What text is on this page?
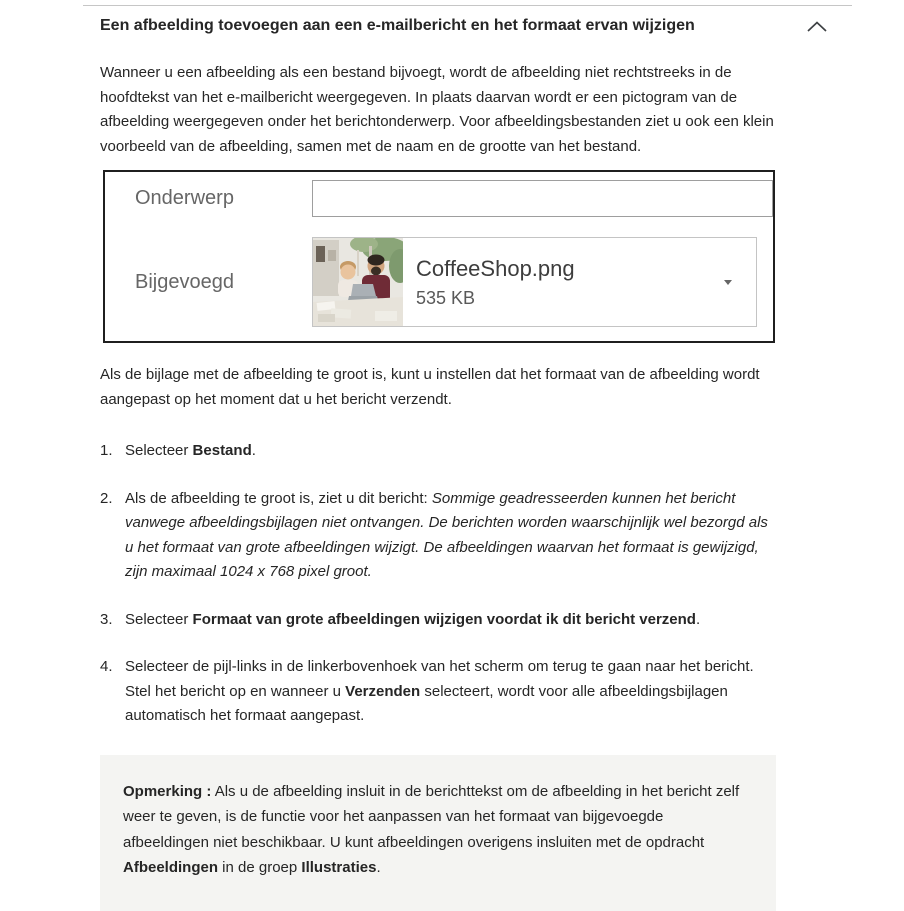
Een afbeelding toevoegen aan een e-mailbericht en het formaat ervan wijzigen

Wanneer u een afbeelding als een bestand bijvoegt, wordt de afbeelding niet rechtstreeks in de hoofdtekst van het e-mailbericht weergegeven. In plaats daarvan wordt er een pictogram van de afbeelding weergegeven onder het berichtonderwerp. Voor afbeeldingsbestanden ziet u ook een klein voorbeeld van de afbeelding, samen met de naam en de grootte van het bestand.

Onderwerp
Bijgevoegd
CoffeeShop.png
535 KB

Als de bijlage met de afbeelding te groot is, kunt u instellen dat het formaat van de afbeelding wordt aangepast op het moment dat u het bericht verzendt.

1. Selecteer Bestand.
2. Als de afbeelding te groot is, ziet u dit bericht: Sommige geadresseerden kunnen het bericht vanwege afbeeldingsbijlagen niet ontvangen. De berichten worden waarschijnlijk wel bezorgd als u het formaat van grote afbeeldingen wijzigt. De afbeeldingen waarvan het formaat is gewijzigd, zijn maximaal 1024 x 768 pixel groot.
3. Selecteer Formaat van grote afbeeldingen wijzigen voordat ik dit bericht verzend.
4. Selecteer de pijl-links in de linkerbovenhoek van het scherm om terug te gaan naar het bericht. Stel het bericht op en wanneer u Verzenden selecteert, wordt voor alle afbeeldingsbijlagen automatisch het formaat aangepast.
Opmerking : Als u de afbeelding insluit in de berichttekst om de afbeelding in het bericht zelf weer te geven, is de functie voor het aanpassen van het formaat van bijgevoegde afbeeldingen niet beschikbaar. U kunt afbeeldingen overigens insluiten met de opdracht Afbeeldingen in de groep Illustraties.
